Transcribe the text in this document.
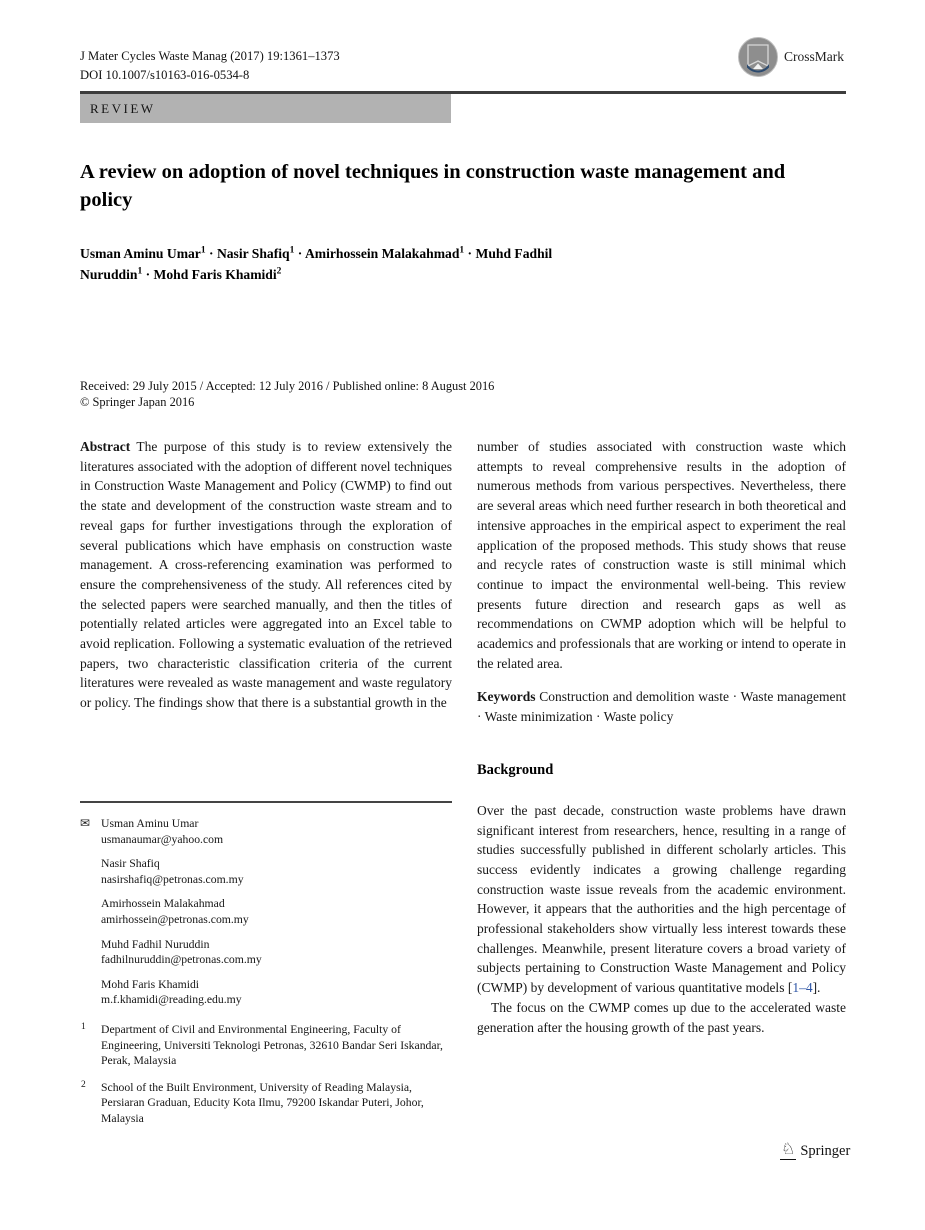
J Mater Cycles Waste Manag (2017) 19:1361–1373
DOI 10.1007/s10163-016-0534-8
CrossMark
REVIEW
A review on adoption of novel techniques in construction waste management and policy
Usman Aminu Umar$^1$ · Nasir Shafiq$^1$ · Amirhossein Malakahmad$^1$ · Muhd Fadhil Nuruddin$^1$ · Mohd Faris Khamidi$^2$
Received: 29 July 2015 / Accepted: 12 July 2016 / Published online: 8 August 2016
© Springer Japan 2016

Abstract The purpose of this study is to review extensively the literatures associated with the adoption of different novel techniques in Construction Waste Management and Policy (CWMP) to find out the state and development of the construction waste stream and to reveal gaps for further investigations through the exploration of several publications which have emphasis on construction waste management. A cross-referencing examination was performed to ensure the comprehensiveness of the study. All references cited by the selected papers were searched manually, and then the titles of potentially related articles were aggregated into an Excel table to avoid replication. Following a systematic evaluation of the retrieved papers, two characteristic classification criteria of the current literatures were revealed as waste management and waste regulatory or policy. The findings show that there is a substantial growth in the

✉ Usman Aminu Umar
usmanaumar@yahoo.com
Nasir Shafiq
nasirshafiq@petronas.com.my
Amirhossein Malakahmad
amirhossein@petronas.com.my
Muhd Fadhil Nuruddin
fadhilnuruddin@petronas.com.my
Mohd Faris Khamidi
m.f.khamidi@reading.edu.my
1 Department of Civil and Environmental Engineering, Faculty of Engineering, Universiti Teknologi Petronas, 32610 Bandar Seri Iskandar, Perak, Malaysia
2 School of the Built Environment, University of Reading Malaysia, Persiaran Graduan, Educity Kota Ilmu, 79200 Iskandar Puteri, Johor, Malaysia

number of studies associated with construction waste which attempts to reveal comprehensive results in the adoption of numerous methods from various perspectives. Nevertheless, there are several areas which need further research in both theoretical and intensive approaches in the empirical aspect to experiment the real application of the proposed methods. This study shows that reuse and recycle rates of construction waste is still minimal which continue to impact the environmental well-being. This review presents future direction and research gaps as well as recommendations on CWMP adoption which will be helpful to academics and professionals that are working or intend to operate in the related area.

Keywords Construction and demolition waste · Waste management · Waste minimization · Waste policy

Background

Over the past decade, construction waste problems have drawn significant interest from researchers, hence, resulting in a range of studies successfully published in different scholarly articles. This success evidently indicates a growing challenge regarding construction waste issue reveals from the academic environment. However, it appears that the authorities and the high percentage of professional stakeholders show virtually less interest towards these challenges. Meanwhile, present literature covers a broad variety of subjects pertaining to Construction Waste Management and Policy (CWMP) by development of various quantitative models [1–4].

The focus on the CWMP comes up due to the accelerated waste generation after the housing growth of the past years.

♘ Springer
